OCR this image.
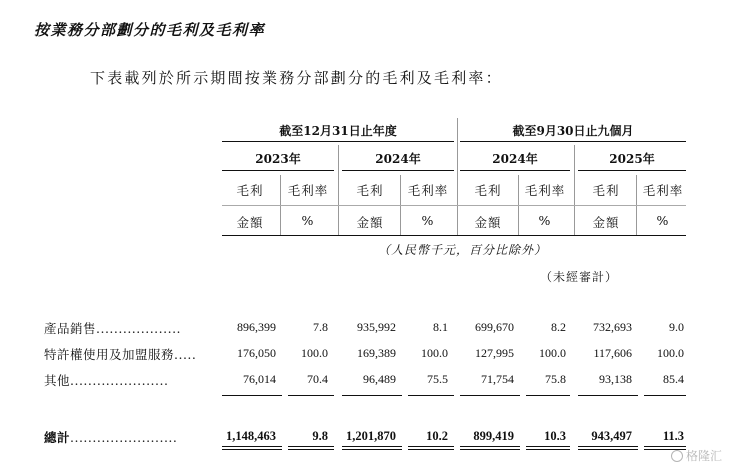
按業務分部劃分的毛利及毛利率
下表載列於所示期間按業務分部劃分的毛利及毛利率：
截至12月31日止年度	截至9月30日止九個月
2023年	2024年	2024年	2025年
毛利	毛利率	毛利	毛利率	毛利	毛利率	毛利	毛利率
金額	%	金額	%	金額	%	金額	%
（人民幣千元，百分比除外）
（未經審計）
產品銷售...................	896,399	7.8	935,992	8.1	699,670	8.2	732,693	9.0
特許權使用及加盟服務.....	176,050	100.0	169,389	100.0	127,995	100.0	117,606	100.0
其他......................	76,014	70.4	96,489	75.5	71,754	75.8	93,138	85.4
總計........................	1,148,463	9.8	1,201,870	10.2	899,419	10.3	943,497	11.3
格隆汇
